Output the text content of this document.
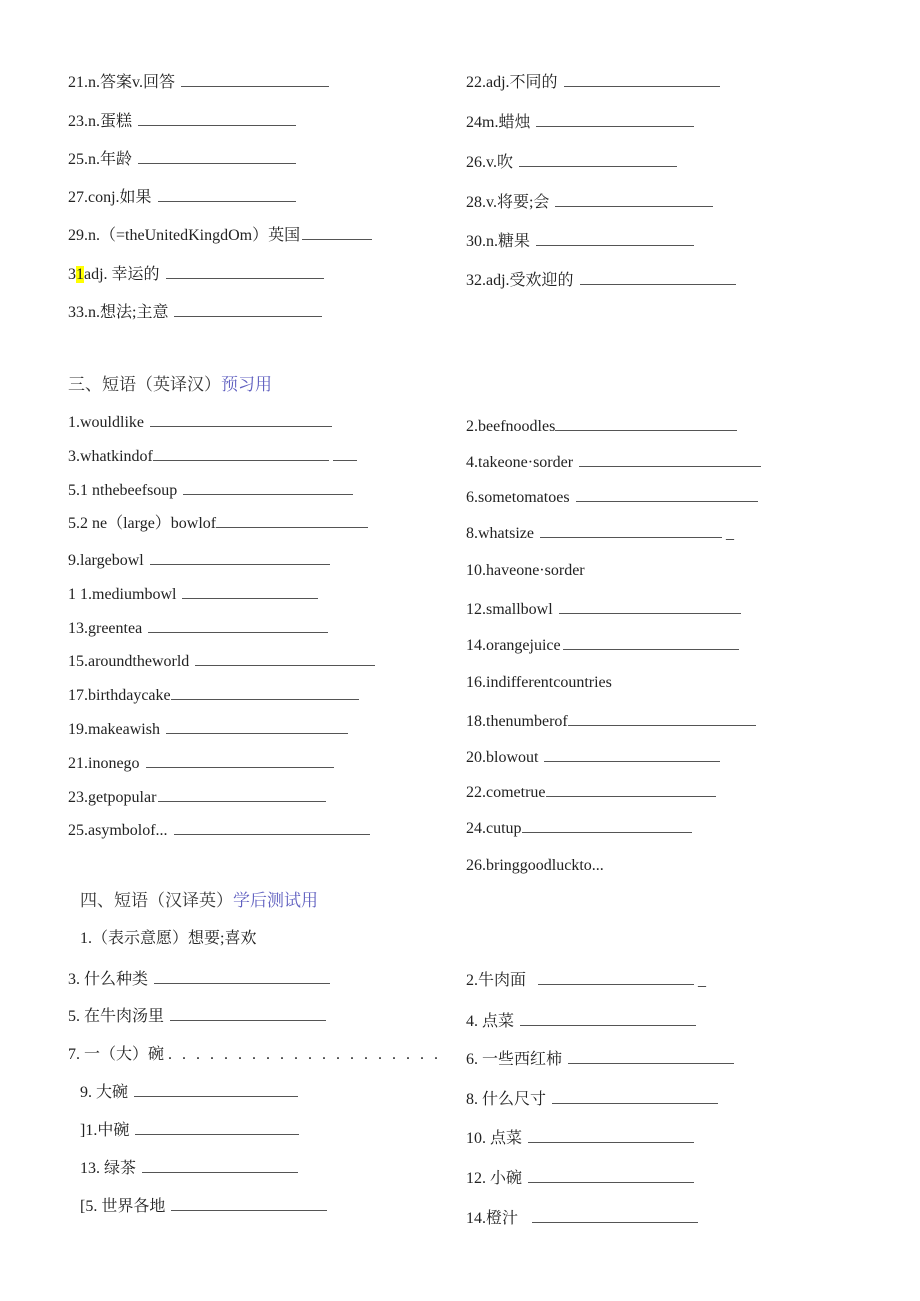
21.n.答案v.回答	22.adj.不同的
23.n.蛋糕	24m.蜡烛
25.n.年龄	26.v.吹
27.conj.如果	28.v.将要;会
29.n.（=theUnitedKingdOm）英国	30.n.糖果
31adj. 幸运的	32.adj.受欢迎的
33.n.想法;主意
三、短语（英译汉）预习用
1.wouldlike
3.whatkindof
5.1 nthebeefsoup
5.2 ne（large）bowlof
9.largebowl
1 1.mediumbowl
13.greentea
15.aroundtheworld
17.birthdaycake
19.makeawish
21.inonego
23.getpopular
25.asymbolof...
2.beefnoodles
4.takeone·sorder
6.sometomatoes
8.whatsize	_
10.haveone·sorder
12.smallbowl
14.orangejuice
16.indifferentcountries
18.thenumberof
20.blowout
22.cometrue
24.cutup
26.bringgoodluckto...
四、短语（汉译英）学后测试用
1.（表示意愿）想要;喜欢
3. 什么种类
5. 在牛肉汤里
7. 一（大）碗 . . . . . . . . . . . . . . . . . . . .
9. 大碗
]1.中碗
13. 绿茶
[5. 世界各地
2.牛肉面	_
4. 点菜
6. 一些西红柿
8. 什么尺寸
10. 点菜
12. 小碗
14.橙汁
